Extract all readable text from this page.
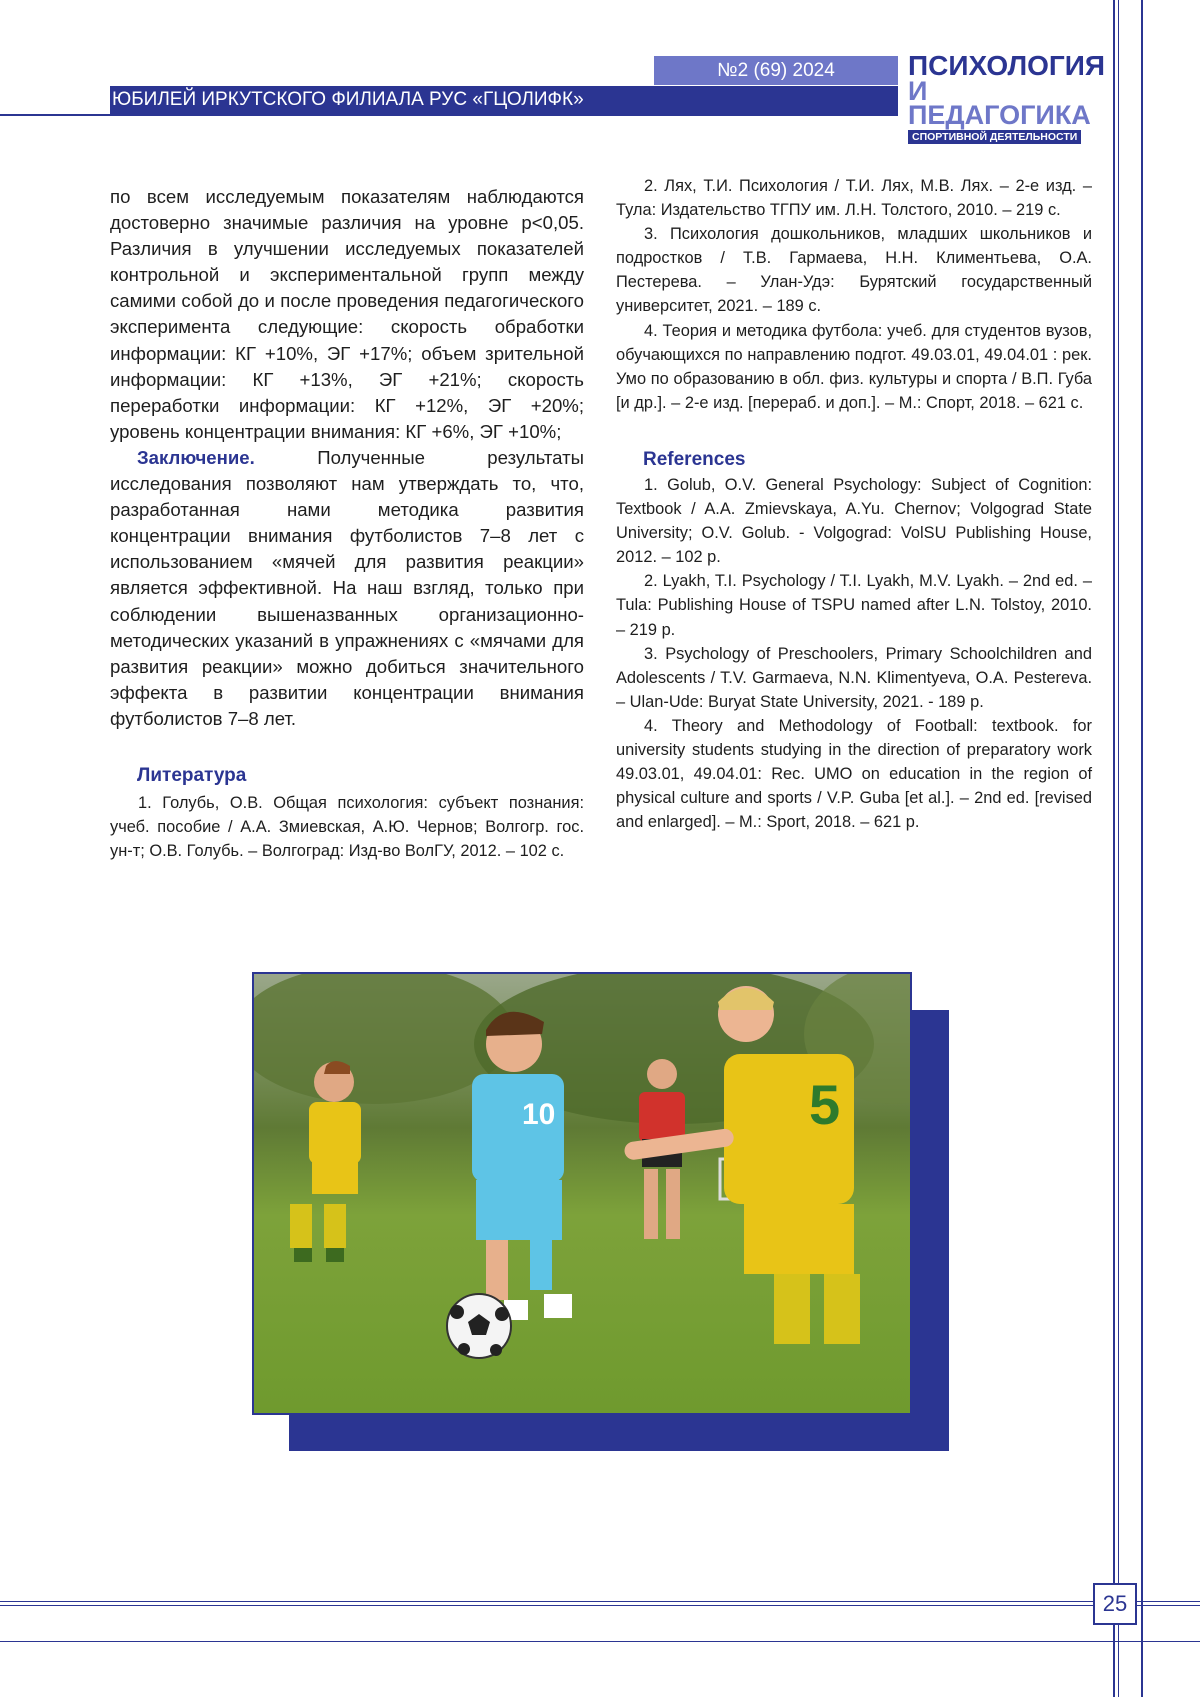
№2 (69) 2024
ЮБИЛЕЙ ИРКУТСКОГО ФИЛИАЛА РУС «ГЦОЛИФК»
ПСИХОЛОГИЯ
И ПЕДАГОГИКА
СПОРТИВНОЙ ДЕЯТЕЛЬНОСТИ

по всем исследуемым показателям наблюдаются достоверно значимые различия на уровне p<0,05. Различия в улучшении исследуемых показателей контрольной и экспериментальной групп между самими собой до и после проведения педагогического эксперимента следующие: скорость обработки информации: КГ +10%, ЭГ +17%; объем зрительной информации: КГ +13%, ЭГ +21%; скорость переработки информации: КГ +12%, ЭГ +20%; уровень концентрации внимания: КГ +6%, ЭГ +10%;

Заключение. Полученные результаты исследования позволяют нам утверждать то, что, разработанная нами методика развития концентрации внимания футболистов 7–8 лет с использованием «мячей для развития реакции» является эффективной. На наш взгляд, только при соблюдении вышеназванных организационно-методических указаний в упражнениях с «мячами для развития реакции» можно добиться значительного эффекта в развитии концентрации внимания футболистов 7–8 лет.

Литература

1. Голубь, О.В. Общая психология: субъект познания: учеб. пособие / А.А. Змиевская, А.Ю. Чернов; Волгогр. гос. ун-т; О.В. Голубь. – Волгоград: Изд-во ВолГУ, 2012. – 102 с.

2. Лях, Т.И. Психология / Т.И. Лях, М.В. Лях. – 2-е изд. – Тула: Издательство ТГПУ им. Л.Н. Толстого, 2010. – 219 с.

3. Психология дошкольников, младших школьников и подростков / Т.В. Гармаева, Н.Н. Климентьева, О.А. Пестерева. – Улан-Удэ: Бурятский государственный университет, 2021. – 189 с.

4. Теория и методика футбола: учеб. для студентов вузов, обучающихся по направлению подгот. 49.03.01, 49.04.01 : рек. Умо по образованию в обл. физ. культуры и спорта / В.П. Губа [и др.]. – 2-е изд. [перераб. и доп.]. – М.: Спорт, 2018. – 621 с.

References

1. Golub, O.V. General Psychology: Subject of Cognition: Textbook / A.A. Zmievskaya, A.Yu. Chernov; Volgograd State University; O.V. Golub. - Volgograd: VolSU Publishing House, 2012. – 102 p.

2. Lyakh, T.I. Psychology / T.I. Lyakh, M.V. Lyakh. – 2nd ed. – Tula: Publishing House of TSPU named after L.N. Tolstoy, 2010. – 219 p.

3. Psychology of Preschoolers, Primary Schoolchildren and Adolescents / T.V. Garmaeva, N.N. Klimentyeva, O.A. Pestereva. – Ulan-Ude: Buryat State University, 2021. - 189 p.

4. Theory and Methodology of Football: textbook. for university students studying in the direction of preparatory work 49.03.01, 49.04.01: Rec. UMO on education in the region of physical culture and sports / V.P. Guba [et al.]. – 2nd ed. [revised and enlarged]. – M.: Sport, 2018. – 621 p.

10	5
25
